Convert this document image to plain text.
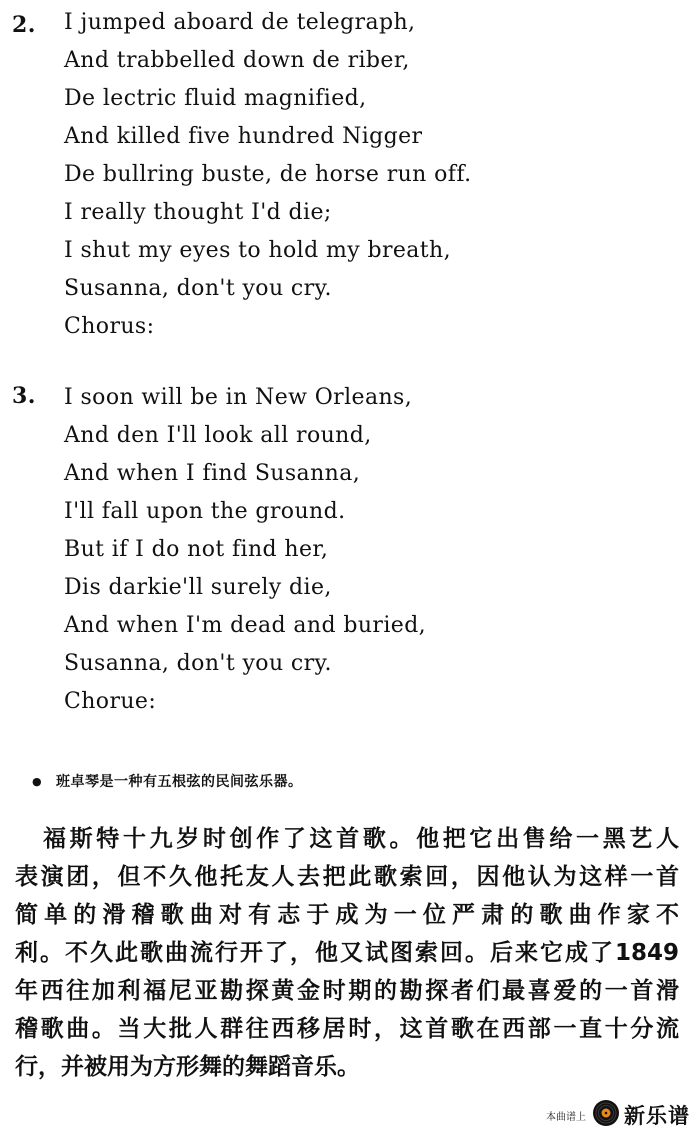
2. I jumped aboard de telegraph,
And trabbelled down de riber,
De lectric fluid magnified,
And killed five hundred Nigger
De bullring buste, de horse run off.
I really thought I'd die;
I shut my eyes to hold my breath,
Susanna, don't you cry.
Chorus:
3. I soon will be in New Orleans,
And den I'll look all round,
And when I find Susanna,
I'll fall upon the ground.
But if I do not find her,
Dis darkie'll surely die,
And when I'm dead and buried,
Susanna, don't you cry.
Chorue:
● 班卓琴是一种有五根弦的民间弦乐器。
福斯特十九岁时创作了这首歌。他把它出售给一黑艺人
表演团，但不久他托友人去把此歌索回，因他认为这样一首
简单的滑稽歌曲对有志于成为一位严肃的歌曲作家不
利。不久此歌曲流行开了，他又试图索回。后来它成了1849
年西往加利福尼亚勘探黄金时期的勘探者们最喜爱的一首滑
稽歌曲。当大批人群往西移居时，这首歌在西部一直十分流
行，并被用为方形舞的舞蹈音乐。
本曲谱上 新乐谱
